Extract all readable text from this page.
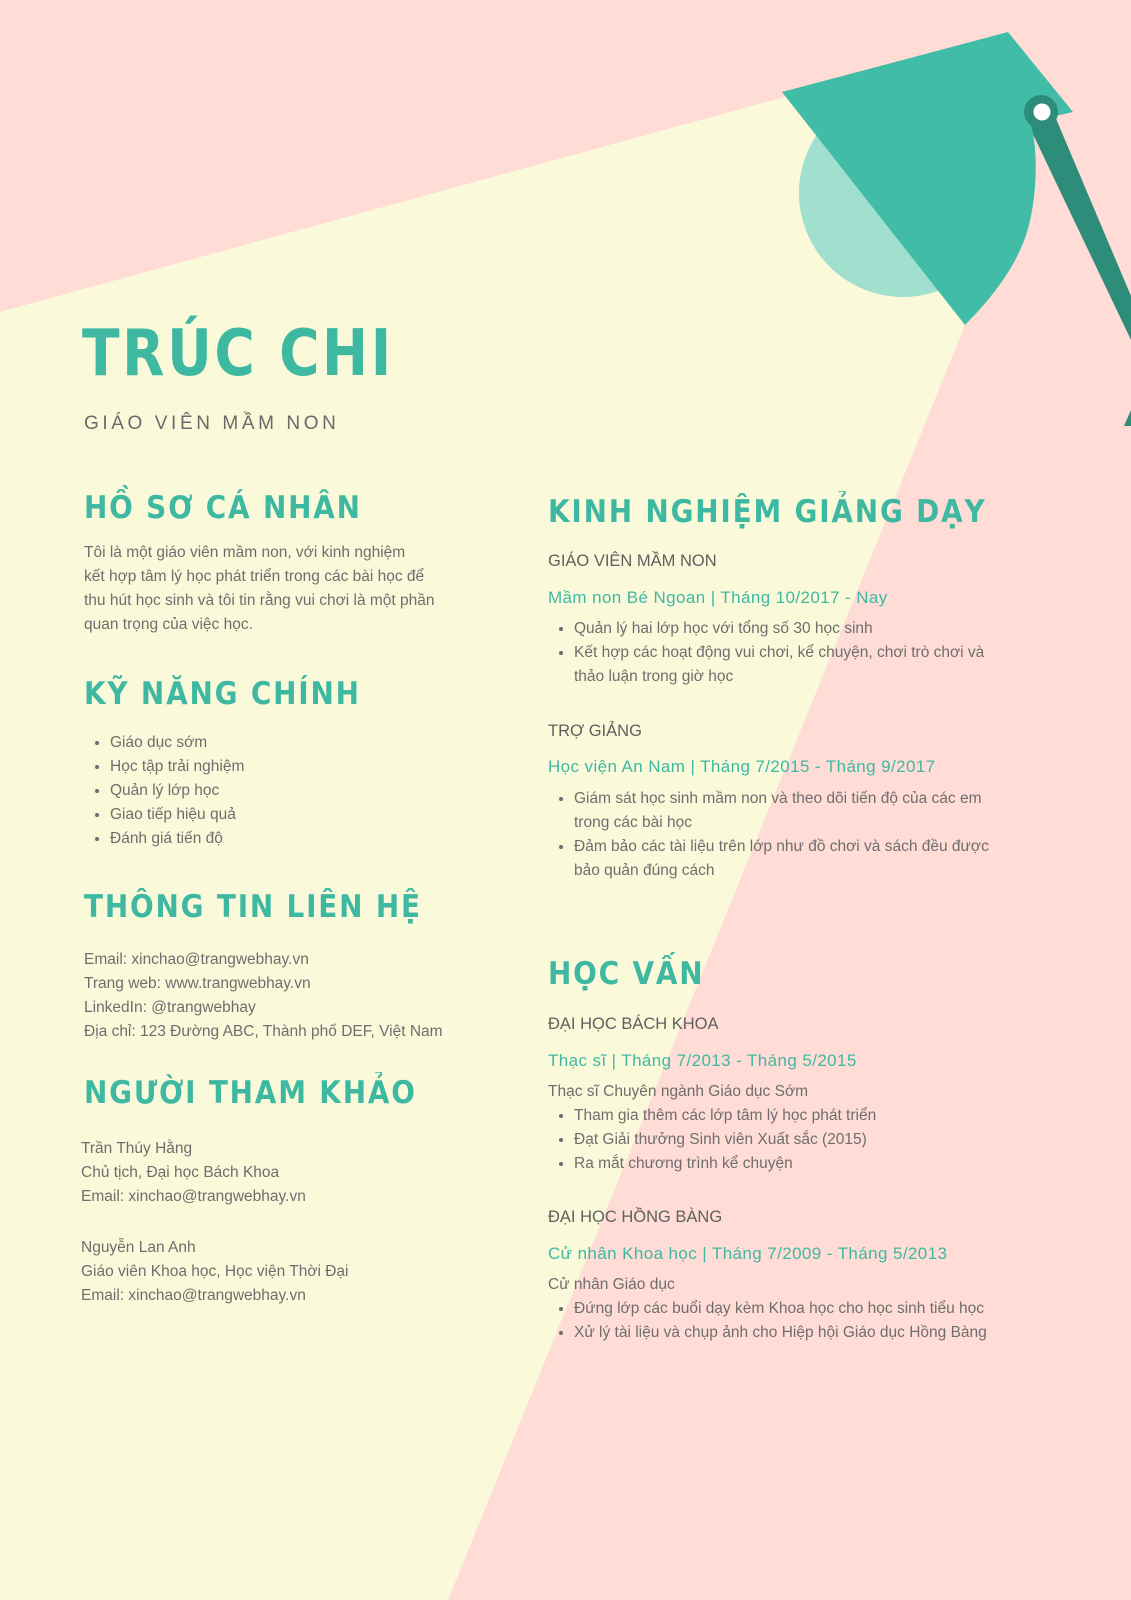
TRÚC CHI
GIÁO VIÊN MẦM NON
HỒ SƠ CÁ NHÂN

Tôi là một giáo viên mầm non, với kinh nghiệm

kết hợp tâm lý học phát triển trong các bài học để

thu hút học sinh và tôi tin rằng vui chơi là một phần

quan trọng của việc học.

KỸ NĂNG CHÍNH
• Giáo dục sớm
• Học tập trải nghiệm
• Quản lý lớp học
• Giao tiếp hiệu quả
• Đánh giá tiến độ
THÔNG TIN LIÊN HỆ

Email: xinchao@trangwebhay.vn

Trang web: www.trangwebhay.vn

LinkedIn: @trangwebhay

Địa chỉ: 123 Đường ABC, Thành phố DEF, Việt Nam

NGƯỜI THAM KHẢO

Trần Thúy Hằng

Chủ tịch, Đại học Bách Khoa

Email: xinchao@trangwebhay.vn

Nguyễn Lan Anh

Giáo viên Khoa học, Học viện Thời Đại

Email: xinchao@trangwebhay.vn

KINH NGHIỆM GIẢNG DẠY
GIÁO VIÊN MẦM NON
Mầm non Bé Ngoan | Tháng 10/2017 - Nay
• Quản lý hai lớp học với tổng số 30 học sinh
• Kết hợp các hoạt động vui chơi, kể chuyện, chơi trò chơi và
thảo luận trong giờ học
TRỢ GIẢNG
Học viện An Nam | Tháng 7/2015 - Tháng 9/2017
• Giám sát học sinh mầm non và theo dõi tiến độ của các em
trong các bài học
• Đảm bảo các tài liệu trên lớp như đồ chơi và sách đều được
bảo quản đúng cách
HỌC VẤN
ĐẠI HỌC BÁCH KHOA
Thạc sĩ | Tháng 7/2013 - Tháng 5/2015
Thạc sĩ Chuyên ngành Giáo dục Sớm
• Tham gia thêm các lớp tâm lý học phát triển
• Đạt Giải thưởng Sinh viên Xuất sắc (2015)
• Ra mắt chương trình kể chuyện
ĐẠI HỌC HỒNG BÀNG
Cử nhân Khoa học | Tháng 7/2009 - Tháng 5/2013
Cử nhân Giáo dục
• Đứng lớp các buổi dạy kèm Khoa học cho học sinh tiểu học
• Xử lý tài liệu và chụp ảnh cho Hiệp hội Giáo dục Hồng Bàng
